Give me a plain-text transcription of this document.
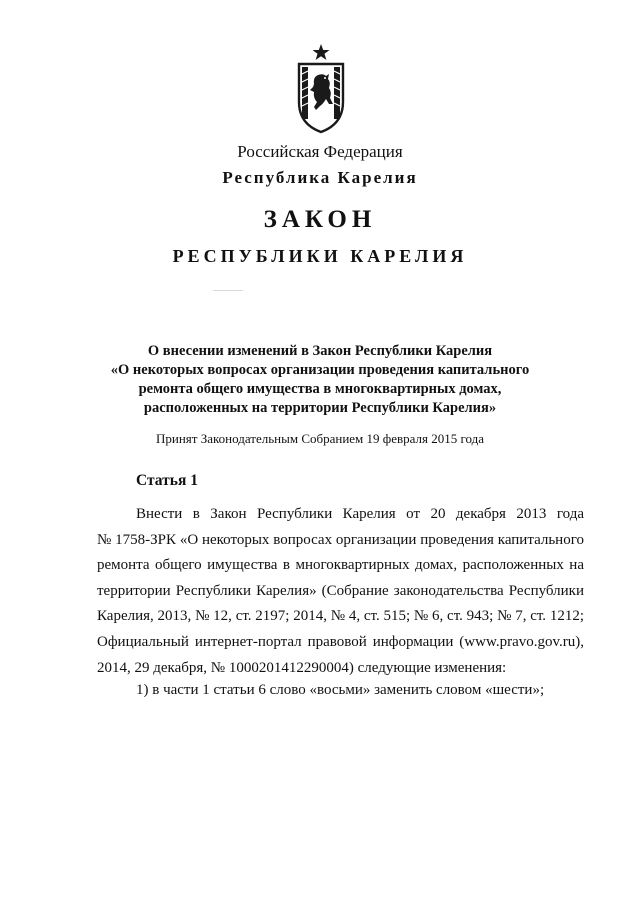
Российская Федерация
Республика Карелия
ЗАКОН
РЕСПУБЛИКИ КАРЕЛИЯ
О внесении изменений в Закон Республики Карелия
«О некоторых вопросах организации проведения капитального
ремонта общего имущества в многоквартирных домах,
расположенных на территории Республики Карелия»
Принят Законодательным Собранием 19 февраля 2015 года
Статья 1
Внести в Закон Республики Карелия от 20 декабря 2013 года
№ 1758-ЗРК «О некоторых вопросах организации проведения капитального
ремонта общего имущества в многоквартирных домах, расположенных на
территории Республики Карелия» (Собрание законодательства Республики
Карелия, 2013, № 12, ст. 2197; 2014, № 4, ст. 515; № 6, ст. 943; № 7, ст. 1212;
Официальный интернет-портал правовой информации (www.pravo.gov.ru),
2014, 29 декабря, № 1000201412290004) следующие изменения:
1) в части 1 статьи 6 слово «восьми» заменить словом «шести»;
